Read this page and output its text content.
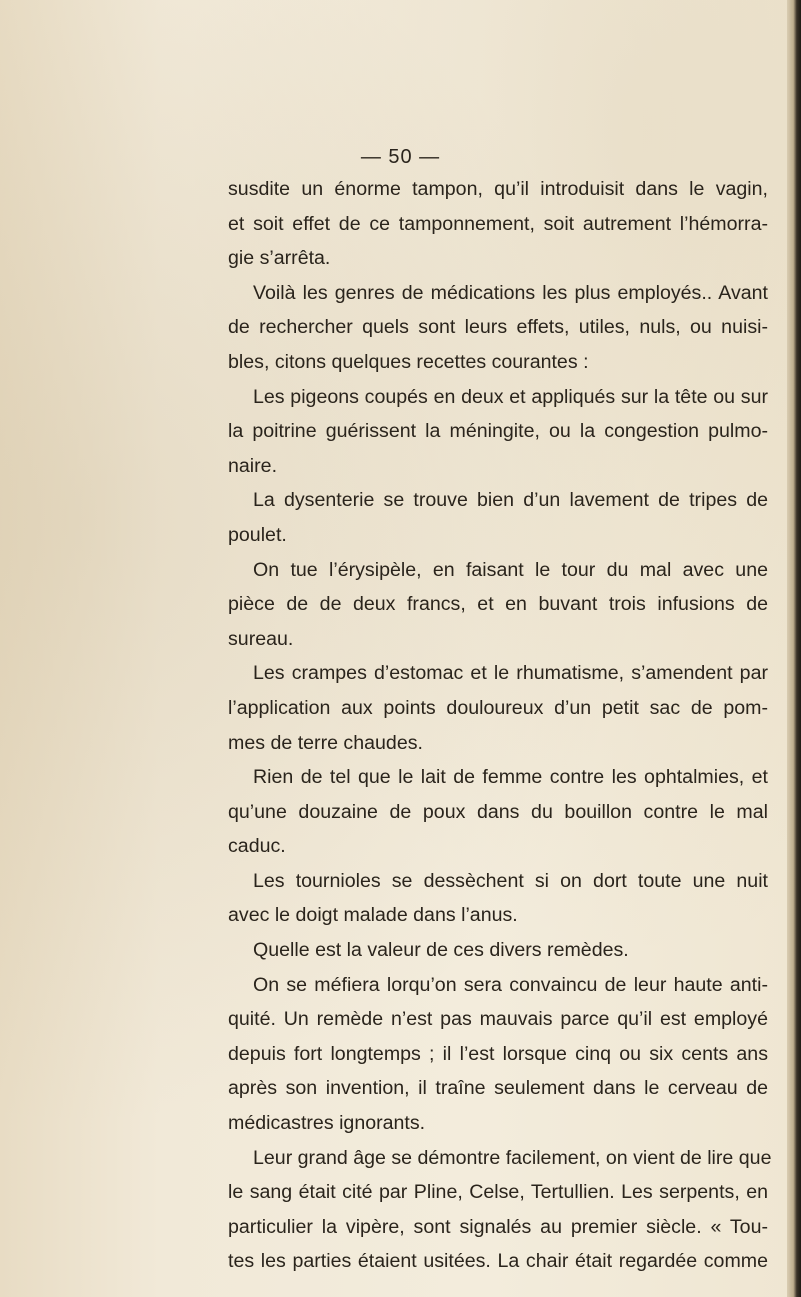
— 50 —
susdite un énorme tampon, qu’il introduisit dans le vagin,
et soit effet de ce tamponnement, soit autrement l’hémorra-
gie s’arrêta.
Voilà les genres de médications les plus employés.. Avant
de rechercher quels sont leurs effets, utiles, nuls, ou nuisi-
bles, citons quelques recettes courantes :
Les pigeons coupés en deux et appliqués sur la tête ou sur
la poitrine guérissent la méningite, ou la congestion pulmo-
naire.
La dysenterie se trouve bien d’un lavement de tripes de
poulet.
On tue l’érysipèle, en faisant le tour du mal avec une
pièce de de deux francs, et en buvant trois infusions de
sureau.
Les crampes d’estomac et le rhumatisme, s’amendent par
l’application aux points douloureux d’un petit sac de pom-
mes de terre chaudes.
Rien de tel que le lait de femme contre les ophtalmies, et
qu’une douzaine de poux dans du bouillon contre le mal
caduc.
Les tournioles se dessèchent si on dort toute une nuit
avec le doigt malade dans l’anus.
Quelle est la valeur de ces divers remèdes.
On se méfiera lorqu’on sera convaincu de leur haute anti-
quité. Un remède n’est pas mauvais parce qu’il est employé
depuis fort longtemps ; il l’est lorsque cinq ou six cents ans
après son invention, il traîne seulement dans le cerveau de
médicastres ignorants.
Leur grand âge se démontre facilement, on vient de lire que
le sang était cité par Pline, Celse, Tertullien. Les serpents, en
particulier la vipère, sont signalés au premier siècle. « Tou-
tes les parties étaient usitées. La chair était regardée comme
